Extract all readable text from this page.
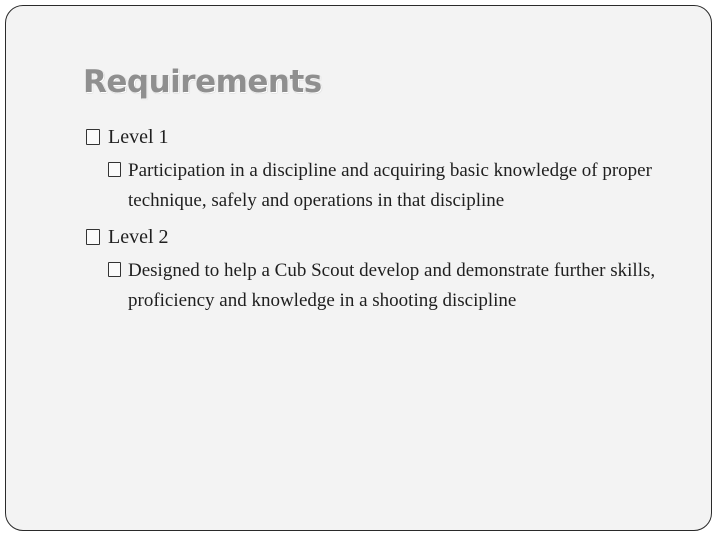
Requirements
Level 1
Participation in a discipline and acquiring basic knowledge of proper technique, safely and operations in that discipline
Level 2
Designed to help a Cub Scout develop and demonstrate further skills, proficiency and knowledge in a shooting discipline
